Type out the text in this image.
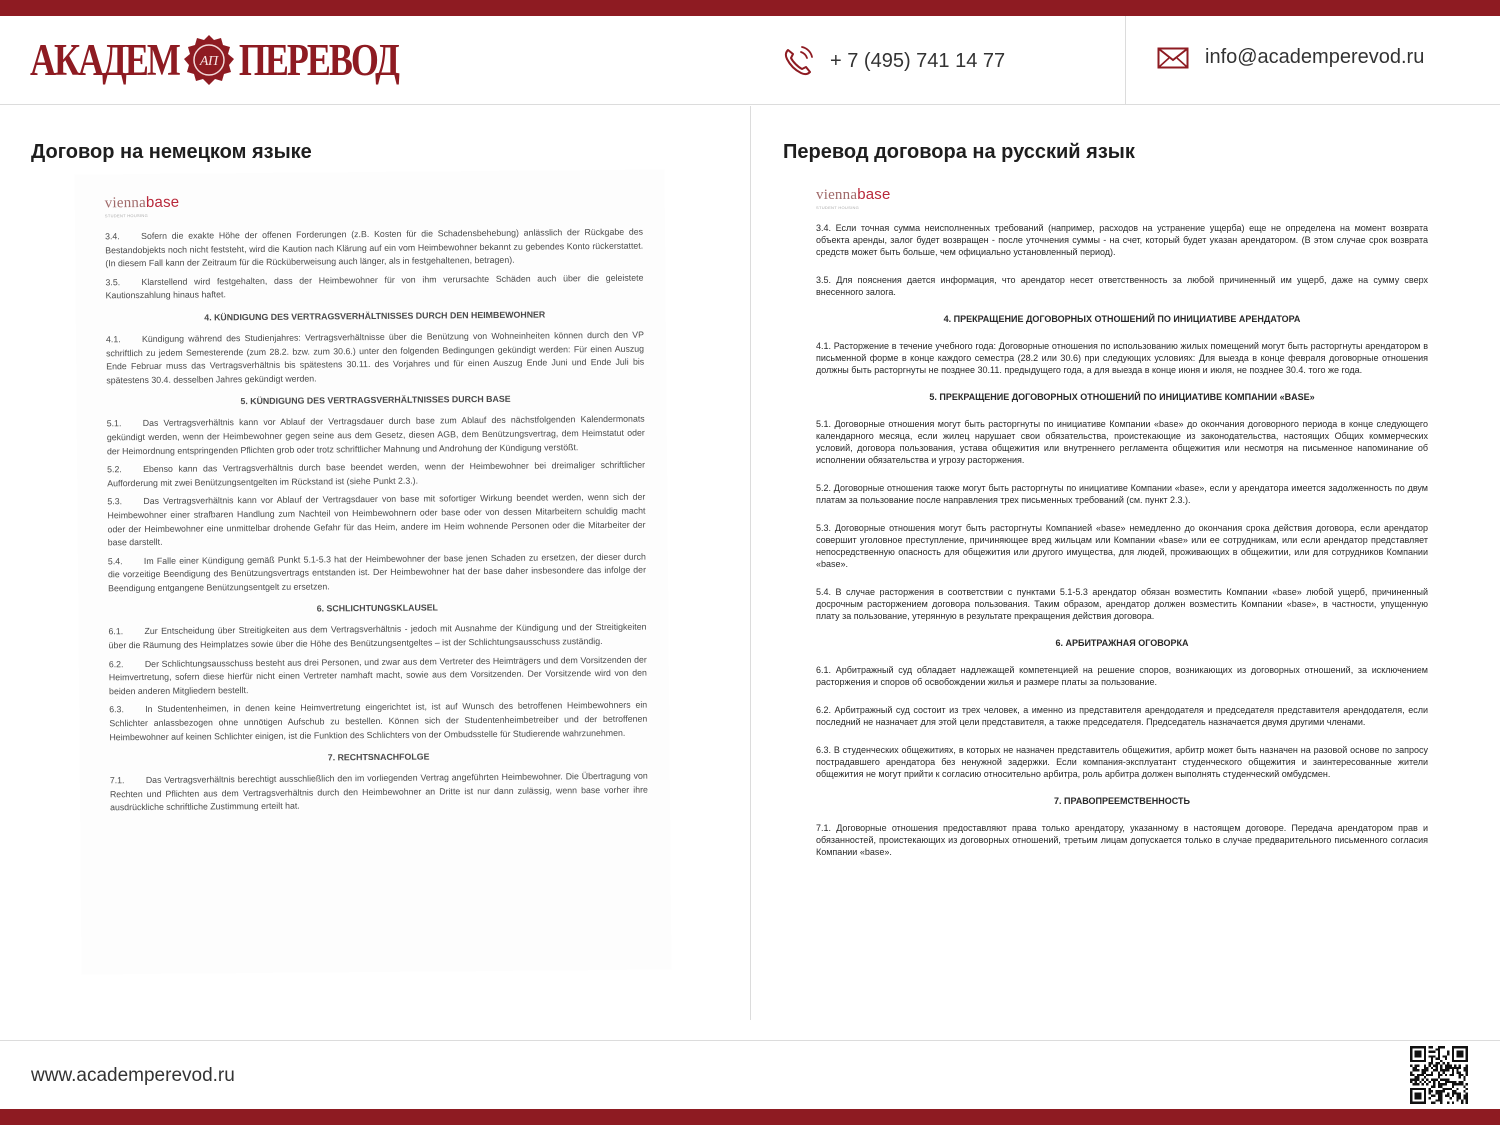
АКАДЕМ АП ПЕРЕВОД	+ 7 (495) 741 14 77	info@academperevod.ru
Договор на немецком языке	Перевод договора на русский язык
viennabase
STUDENT HOUSING
3.4. Sofern die exakte Höhe der offenen Forderungen (z.B. Kosten für die Schadensbehebung) anlässlich der Rückgabe des Bestandobjekts noch nicht feststeht, wird die Kaution nach Klärung auf ein vom Heimbewohner bekannt zu gebendes Konto rückerstattet. (In diesem Fall kann der Zeitraum für die Rücküberweisung auch länger, als in festgehaltenen, betragen).
3.5. Klarstellend wird festgehalten, dass der Heimbewohner für von ihm verursachte Schäden auch über die geleistete Kautionszahlung hinaus haftet.
4. KÜNDIGUNG DES VERTRAGSVERHÄLTNISSES DURCH DEN HEIMBEWOHNER
4.1. Kündigung während des Studienjahres: Vertragsverhältnisse über die Benützung von Wohneinheiten können durch den VP schriftlich zu jedem Semesterende (zum 28.2. bzw. zum 30.6.) unter den folgenden Bedingungen gekündigt werden: Für einen Auszug Ende Februar muss das Vertragsverhältnis bis spätestens 30.11. des Vorjahres und für einen Auszug Ende Juni und Ende Juli bis spätestens 30.4. desselben Jahres gekündigt werden.
5. KÜNDIGUNG DES VERTRAGSVERHÄLTNISSES DURCH BASE
5.1. Das Vertragsverhältnis kann vor Ablauf der Vertragsdauer durch base zum Ablauf des nächstfolgenden Kalendermonats gekündigt werden, wenn der Heimbewohner gegen seine aus dem Gesetz, diesen AGB, dem Benützungsvertrag, dem Heimstatut oder der Heimordnung entspringenden Pflichten grob oder trotz schriftlicher Mahnung und Androhung der Kündigung verstößt.
5.2. Ebenso kann das Vertragsverhältnis durch base beendet werden, wenn der Heimbewohner bei dreimaliger schriftlicher Aufforderung mit zwei Benützungsentgelten im Rückstand ist (siehe Punkt 2.3.).
5.3. Das Vertragsverhältnis kann vor Ablauf der Vertragsdauer von base mit sofortiger Wirkung beendet werden, wenn sich der Heimbewohner einer strafbaren Handlung zum Nachteil von Heimbewohnern oder base oder von dessen Mitarbeitern schuldig macht oder der Heimbewohner eine unmittelbar drohende Gefahr für das Heim, andere im Heim wohnende Personen oder die Mitarbeiter der base darstellt.
5.4. Im Falle einer Kündigung gemäß Punkt 5.1-5.3 hat der Heimbewohner der base jenen Schaden zu ersetzen, der dieser durch die vorzeitige Beendigung des Benützungsvertrags entstanden ist. Der Heimbewohner hat der base daher insbesondere das infolge der Beendigung entgangene Benützungsentgelt zu ersetzen.
6. SCHLICHTUNGSKLAUSEL
6.1. Zur Entscheidung über Streitigkeiten aus dem Vertragsverhältnis - jedoch mit Ausnahme der Kündigung und der Streitigkeiten über die Räumung des Heimplatzes sowie über die Höhe des Benützungsentgeltes – ist der Schlichtungsausschuss zuständig.
6.2. Der Schlichtungsausschuss besteht aus drei Personen, und zwar aus dem Vertreter des Heimträgers und dem Vorsitzenden der Heimvertretung, sofern diese hierfür nicht einen Vertreter namhaft macht, sowie aus dem Vorsitzenden. Der Vorsitzende wird von den beiden anderen Mitgliedern bestellt.
6.3. In Studentenheimen, in denen keine Heimvertretung eingerichtet ist, ist auf Wunsch des betroffenen Heimbewohners ein Schlichter anlassbezogen ohne unnötigen Aufschub zu bestellen. Können sich der Studentenheimbetreiber und der betroffenen Heimbewohner auf keinen Schlichter einigen, ist die Funktion des Schlichters von der Ombudsstelle für Studierende wahrzunehmen.
7. RECHTSNACHFOLGE
7.1. Das Vertragsverhältnis berechtigt ausschließlich den im vorliegenden Vertrag angeführten Heimbewohner. Die Übertragung von Rechten und Pflichten aus dem Vertragsverhältnis durch den Heimbewohner an Dritte ist nur dann zulässig, wenn base vorher ihre ausdrückliche schriftliche Zustimmung erteilt hat.
viennabase
STUDENT HOUSING
3.4. Если точная сумма неисполненных требований (например, расходов на устранение ущерба) еще не определена на момент возврата объекта аренды, залог будет возвращен - после уточнения суммы - на счет, который будет указан арендатором. (В этом случае срок возврата средств может быть больше, чем официально установленный период).
3.5. Для пояснения дается информация, что арендатор несет ответственность за любой причиненный им ущерб, даже на сумму сверх внесенного залога.
4. ПРЕКРАЩЕНИЕ ДОГОВОРНЫХ ОТНОШЕНИЙ ПО ИНИЦИАТИВЕ АРЕНДАТОРА
4.1. Расторжение в течение учебного года: Договорные отношения по использованию жилых помещений могут быть расторгнуты арендатором в письменной форме в конце каждого семестра (28.2 или 30.6) при следующих условиях: Для выезда в конце февраля договорные отношения должны быть расторгнуты не позднее 30.11. предыдущего года, а для выезда в конце июня и июля, не позднее 30.4. того же года.
5. ПРЕКРАЩЕНИЕ ДОГОВОРНЫХ ОТНОШЕНИЙ ПО ИНИЦИАТИВЕ КОМПАНИИ «BASE»
5.1. Договорные отношения могут быть расторгнуты по инициативе Компании «base» до окончания договорного периода в конце следующего календарного месяца, если жилец нарушает свои обязательства, проистекающие из законодательства, настоящих Общих коммерческих условий, договора пользования, устава общежития или внутреннего регламента общежития или несмотря на письменное напоминание об исполнении обязательства и угрозу расторжения.
5.2. Договорные отношения также могут быть расторгнуты по инициативе Компании «base», если у арендатора имеется задолженность по двум платам за пользование после направления трех письменных требований (см. пункт 2.3.).
5.3. Договорные отношения могут быть расторгнуты Компанией «base» немедленно до окончания срока действия договора, если арендатор совершит уголовное преступление, причиняющее вред жильцам или Компании «base» или ее сотрудникам, или если арендатор представляет непосредственную опасность для общежития или другого имущества, для людей, проживающих в общежитии, или для сотрудников Компании «base».
5.4. В случае расторжения в соответствии с пунктами 5.1-5.3 арендатор обязан возместить Компании «base» любой ущерб, причиненный досрочным расторжением договора пользования. Таким образом, арендатор должен возместить Компании «base», в частности, упущенную плату за пользование, утерянную в результате прекращения действия договора.
6. АРБИТРАЖНАЯ ОГОВОРКА
6.1. Арбитражный суд обладает надлежащей компетенцией на решение споров, возникающих из договорных отношений, за исключением расторжения и споров об освобождении жилья и размере платы за пользование.
6.2. Арбитражный суд состоит из трех человек, а именно из представителя арендодателя и председателя представителя арендодателя, если последний не назначает для этой цели представителя, а также председателя. Председатель назначается двумя другими членами.
6.3. В студенческих общежитиях, в которых не назначен представитель общежития, арбитр может быть назначен на разовой основе по запросу пострадавшего арендатора без ненужной задержки. Если компания-эксплуатант студенческого общежития и заинтересованные жители общежития не могут прийти к согласию относительно арбитра, роль арбитра должен выполнять студенческий омбудсмен.
7. ПРАВОПРЕЕМСТВЕННОСТЬ
7.1. Договорные отношения предоставляют права только арендатору, указанному в настоящем договоре. Передача арендатором прав и обязанностей, проистекающих из договорных отношений, третьим лицам допускается только в случае предварительного письменного согласия Компании «base».
www.academperevod.ru
